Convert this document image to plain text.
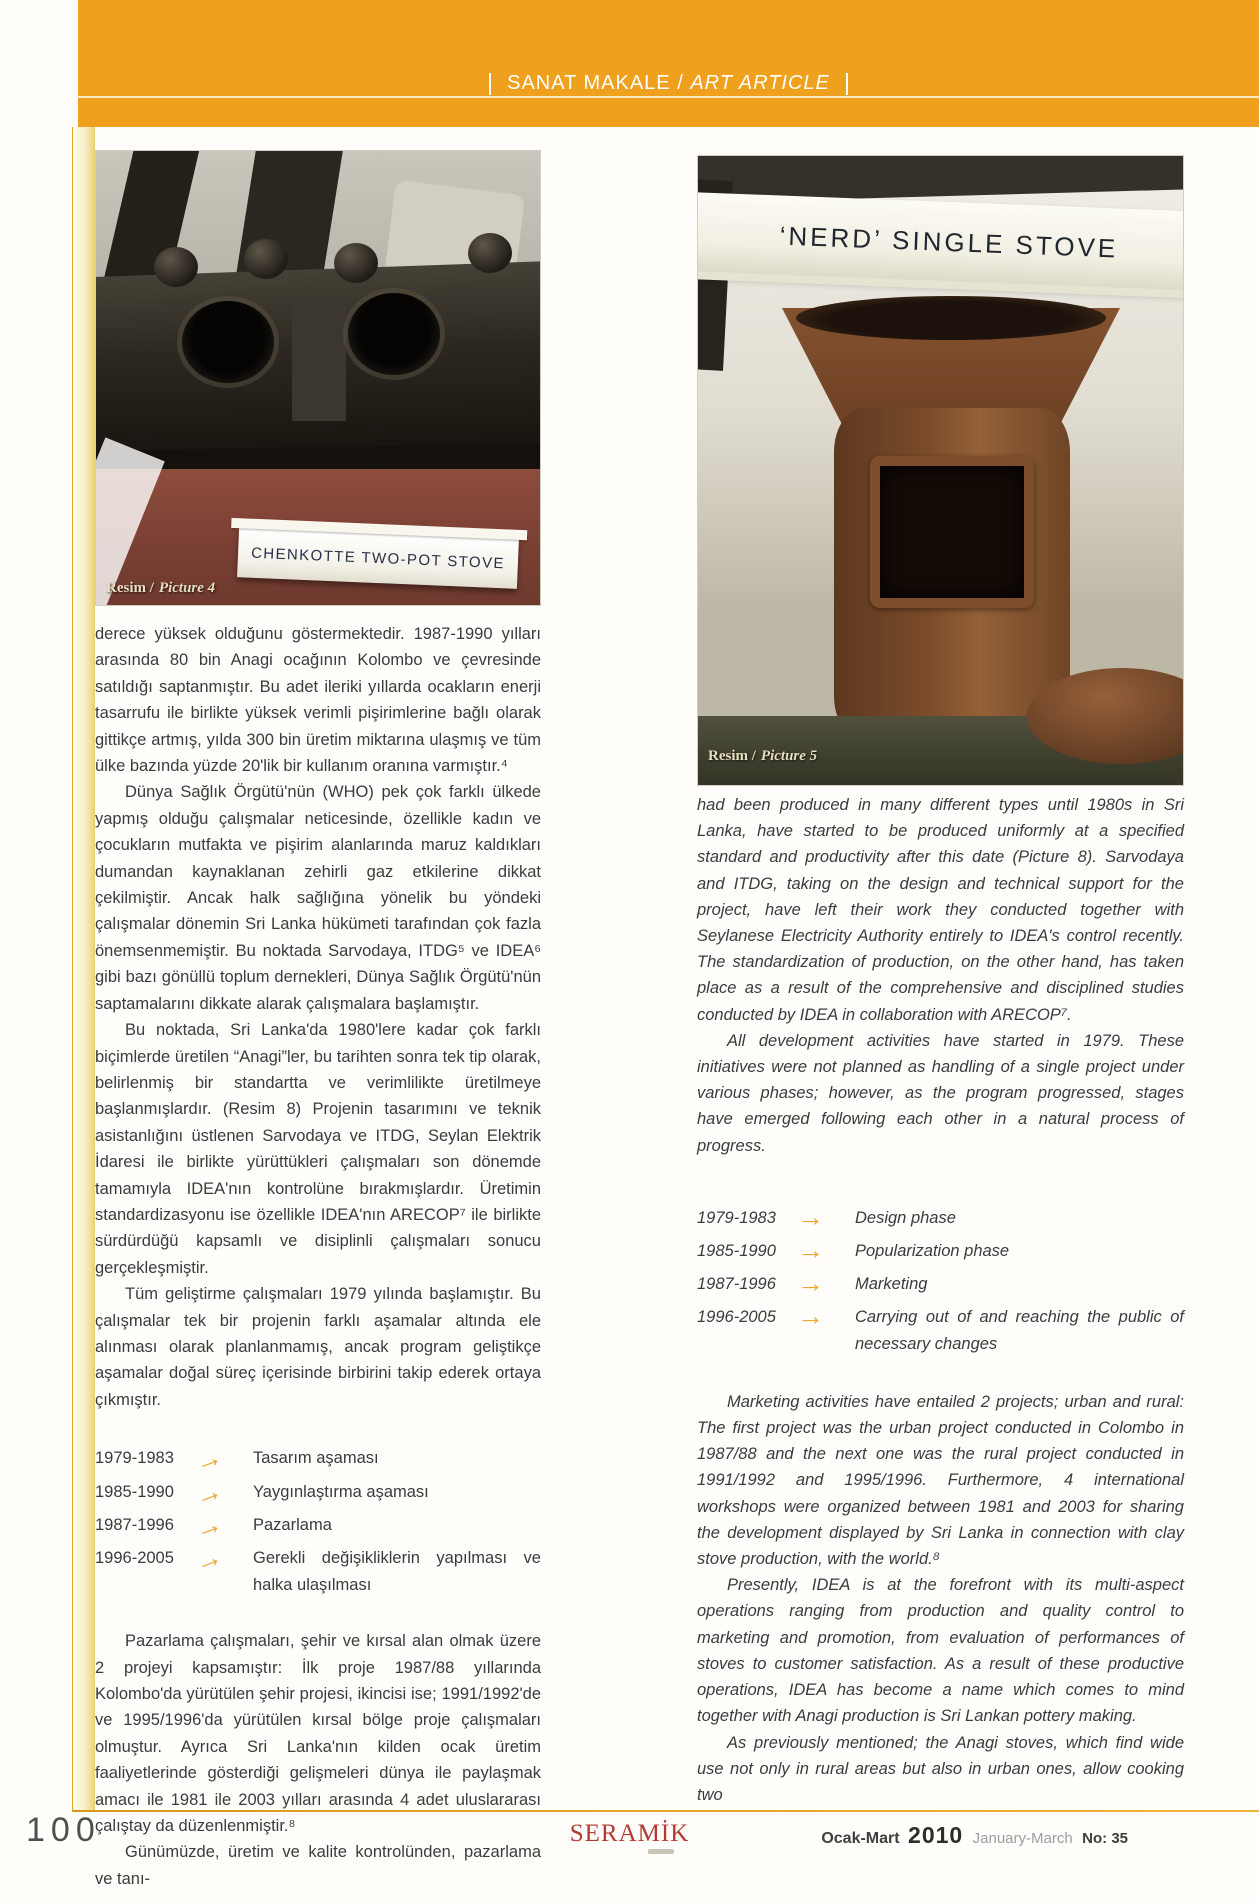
SANAT MAKALE / ART ARTICLE
CHENKOTTE TWO-POT STOVE
Resim / Picture 4
‘NERD’ SINGLE STOVE
Resim / Picture 5

derece yüksek olduğunu göstermektedir. 1987-1990 yılları arasında 80 bin Anagi ocağının Kolombo ve çevresinde satıldığı saptanmıştır. Bu adet ileriki yıllarda ocakların enerji tasarrufu ile birlikte yüksek verimli pişirimlerine bağlı olarak gittikçe artmış, yılda 300 bin üretim miktarına ulaşmış ve tüm ülke bazında yüzde 20'lik bir kullanım oranına varmıştır.⁴

Dünya Sağlık Örgütü'nün (WHO) pek çok farklı ülkede yapmış olduğu çalışmalar neticesinde, özellikle kadın ve çocukların mutfakta ve pişirim alanlarında maruz kaldıkları dumandan kaynaklanan zehirli gaz etkilerine dikkat çekilmiştir. Ancak halk sağlığına yönelik bu yöndeki çalışmalar dönemin Sri Lanka hükümeti tarafından çok fazla önemsenmemiştir. Bu noktada Sarvodaya, ITDG⁵ ve IDEA⁶ gibi bazı gönüllü toplum dernekleri, Dünya Sağlık Örgütü'nün saptamalarını dikkate alarak çalışmalara başlamıştır.

Bu noktada, Sri Lanka'da 1980'lere kadar çok farklı biçimlerde üretilen “Anagi”ler, bu tarihten sonra tek tip olarak, belirlenmiş bir standartta ve verimlilikte üretilmeye başlanmışlardır. (Resim 8) Projenin tasarımını ve teknik asistanlığını üstlenen Sarvodaya ve ITDG, Seylan Elektrik İdaresi ile birlikte yürüttükleri çalışmaları son dönemde tamamıyla IDEA'nın kontrolüne bırakmışlardır. Üretimin standardizasyonu ise özellikle IDEA'nın ARECOP⁷ ile birlikte sürdürdüğü kapsamlı ve disiplinli çalışmaları sonucu gerçekleşmiştir.

Tüm geliştirme çalışmaları 1979 yılında başlamıştır. Bu çalışmalar tek bir projenin farklı aşamalar altında ele alınması olarak planlanmamış, ancak program geliştikçe aşamalar doğal süreç içerisinde birbirini takip ederek ortaya çıkmıştır.

1979-1983 →	Tasarım aşaması
1985-1990 →	Yaygınlaştırma aşaması
1987-1996 →	Pazarlama
1996-2005 →	Gerekli değişikliklerin yapılması ve halka ulaşılması

Pazarlama çalışmaları, şehir ve kırsal alan olmak üzere 2 projeyi kapsamıştır: İlk proje 1987/88 yıllarında Kolombo'da yürütülen şehir projesi, ikincisi ise; 1991/1992'de ve 1995/1996'da yürütülen kırsal bölge proje çalışmaları olmuştur. Ayrıca Sri Lanka'nın kilden ocak üretim faaliyetlerinde gösterdiği gelişmeleri dünya ile paylaşmak amacı ile 1981 ile 2003 yılları arasında 4 adet uluslararası çalıştay da düzenlenmiştir.⁸

Günümüzde, üretim ve kalite kontrolünden, pazarlama ve tanı-

had been produced in many different types until 1980s in Sri Lanka, have started to be produced uniformly at a specified standard and productivity after this date (Picture 8). Sarvodaya and ITDG, taking on the design and technical support for the project, have left their work they conducted together with Seylanese Electricity Authority entirely to IDEA's control recently. The standardization of production, on the other hand, has taken place as a result of the comprehensive and disciplined studies conducted by IDEA in collaboration with ARECOP⁷.

All development activities have started in 1979. These initiatives were not planned as handling of a single project under various phases; however, as the program progressed, stages have emerged following each other in a natural process of progress.

1979-1983 →	Design phase
1985-1990 →	Popularization phase
1987-1996 →	Marketing
1996-2005 →	Carrying out of and reaching the public of necessary changes

Marketing activities have entailed 2 projects; urban and rural: The first project was the urban project conducted in Colombo in 1987/88 and the next one was the rural project conducted in 1991/1992 and 1995/1996. Furthermore, 4 international workshops were organized between 1981 and 2003 for sharing the development displayed by Sri Lanka in connection with clay stove production, with the world.⁸

Presently, IDEA is at the forefront with its multi-aspect operations ranging from production and quality control to marketing and promotion, from evaluation of performances of stoves to customer satisfaction. As a result of these productive operations, IDEA has become a name which comes to mind together with Anagi production is Sri Lankan pottery making.

As previously mentioned; the Anagi stoves, which find wide use not only in rural areas but also in urban ones, allow cooking two

100	SERAMİK	Ocak-Mart 2010 January-March No: 35
